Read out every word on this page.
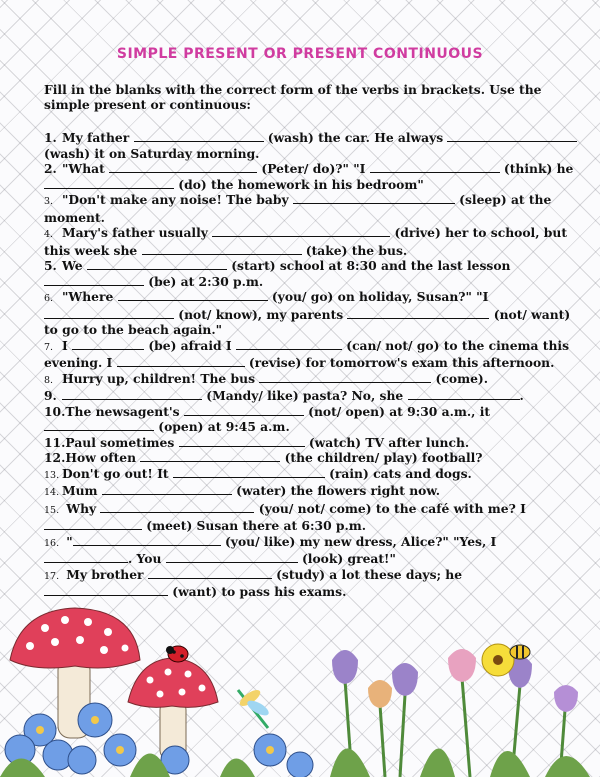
SIMPLE PRESENT OR PRESENT CONTINUOUS
Fill in the blanks with the correct form of the verbs in brackets. Use the simple present or continuous:
1. My father	(wash) the car. He always  (wash) it on Saturday morning.
2. "What	(Peter/ do)?" "I	(think) he  (do) the homework in his bedroom"
3. "Don't make any noise! The baby	(sleep) at the moment.
4. Mary's father usually	(drive) her to school, but this week she	(take) the bus.
5. We	(start) school at 8:30 and the last lesson  (be) at 2:30 p.m.
6. "Where	(you/ go) on holiday, Susan?" "I  (not/ know), my parents	(not/ want) to go to the beach again."
7. I	(be) afraid I	(can/ not/ go) to the cinema this evening. I	(revise) for tomorrow's exam this afternoon.
8. Hurry up, children! The bus	(come).
9.	(Mandy/ like) pasta? No, she	.
10.The newsagent's	(not/ open) at 9:30 a.m., it  (open) at 9:45 a.m.
11.Paul sometimes	(watch) TV after lunch.
12.How often	(the children/ play) football?
13. Don't go out! It	(rain) cats and dogs.
14. Mum	(water) the flowers right now.
15. Why	(you/ not/ come) to the café with me? I  (meet) Susan there at 6:30 p.m.
16. "	(you/ like) my new dress, Alice?" "Yes, I . You	(look) great!"
17. My brother	(study) a lot these days; he  (want) to pass his exams.
